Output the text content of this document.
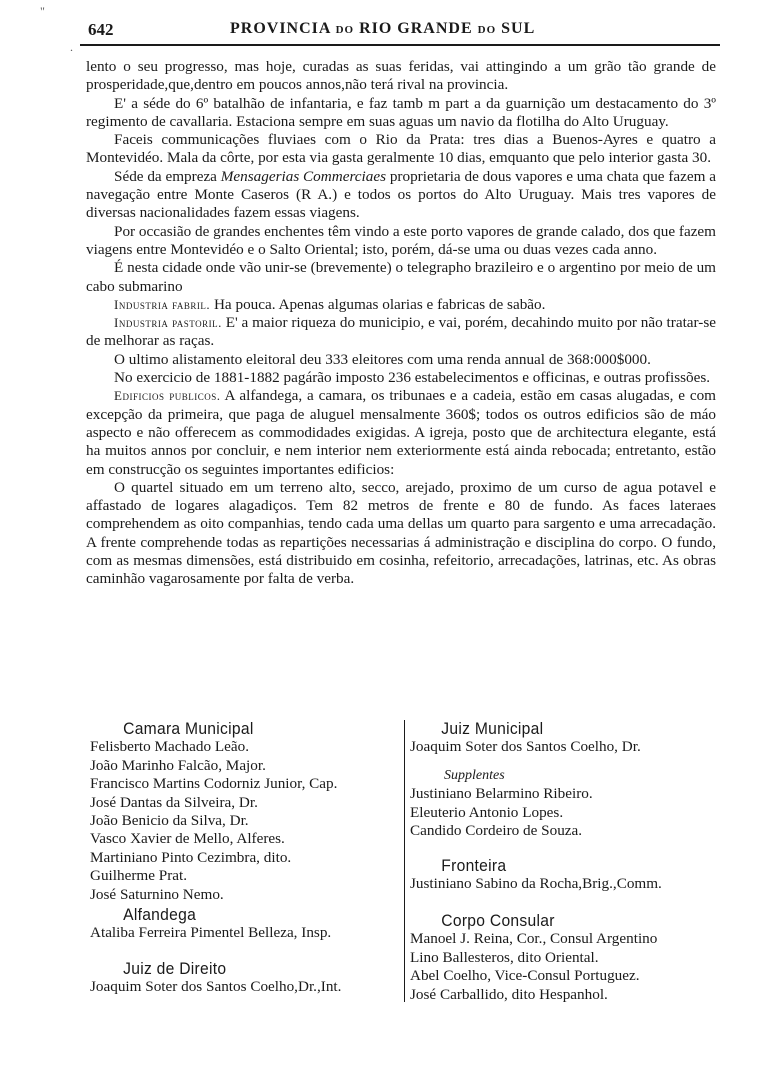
"
.
642	PROVINCIA do RIO GRANDE do SUL

lento o seu progresso, mas hoje, curadas as suas feridas, vai attingindo a um grão tão grande de prosperidade,que,dentro em poucos annos,não terá rival na provincia.

E' a séde do 6º batalhão de infantaria, e faz tamb m part a da guarnição um destacamento do 3º regimento de cavallaria. Estaciona sempre em suas aguas um navio da flotilha do Alto Uruguay.

Faceis communicações fluviaes com o Rio da Prata: tres dias a Buenos-Ayres e quatro a Montevidéo. Mala da côrte, por esta via gasta geralmente 10 dias, emquanto que pelo interior gasta 30.

Séde da empreza Mensagerias Commerciaes proprietaria de dous vapores e uma chata que fazem a navegação entre Monte Caseros (R A.) e todos os portos do Alto Uruguay. Mais tres vapores de diversas nacionalidades fazem essas viagens.

Por occasião de grandes enchentes têm vindo a este porto vapores de grande calado, dos que fazem viagens entre Montevidéo e o Salto Oriental; isto, porém, dá-se uma ou duas vezes cada anno.

É nesta cidade onde vão unir-se (brevemente) o telegrapho brazileiro e o argentino por meio de um cabo submarino

Industria fabril. Ha pouca. Apenas algumas olarias e fabricas de sabão.

Industria pastoril. E' a maior riqueza do municipio, e vai, porém, decahindo muito por não tratar-se de melhorar as raças.

O ultimo alistamento eleitoral deu 333 eleitores com uma renda annual de 368:000$000.

No exercicio de 1881-1882 pagárão imposto 236 estabelecimentos e officinas, e outras profissões.

Edificios publicos. A alfandega, a camara, os tribunaes e a cadeia, estão em casas alugadas, e com excepção da primeira, que paga de aluguel mensalmente 360$; todos os outros edificios são de máo aspecto e não offerecem as commodidades exigidas. A igreja, posto que de architectura elegante, está ha muitos annos por concluir, e nem interior nem exteriormente está ainda rebocada; entretanto, estão em construcção os seguintes importantes edificios:

O quartel situado em um terreno alto, secco, arejado, proximo de um curso de agua potavel e affastado de logares alagadiços. Tem 82 metros de frente e 80 de fundo. As faces lateraes comprehendem as oito companhias, tendo cada uma dellas um quarto para sargento e uma arrecadação. A frente comprehende todas as repartições necessarias á administração e disciplina do corpo. O fundo, com as mesmas dimensões, está distribuido em cosinha, refeitorio, arrecadações, latrinas, etc. As obras caminhão vagarosamente por falta de verba.

Camara Municipal
Felisberto Machado Leão.
João Marinho Falcão, Major.
Francisco Martins Codorniz Junior, Cap.
José Dantas da Silveira, Dr.
João Benicio da Silva, Dr.
Vasco Xavier de Mello, Alferes.
Martiniano Pinto Cezimbra, dito.
Guilherme Prat.
José Saturnino Nemo.
Alfandega
Ataliba Ferreira Pimentel Belleza, Insp.
Juiz de Direito
Joaquim Soter dos Santos Coelho,Dr.,Int.
Juiz Municipal
Joaquim Soter dos Santos Coelho, Dr.
Supplentes
Justiniano Belarmino Ribeiro.
Eleuterio Antonio Lopes.
Candido Cordeiro de Souza.
Fronteira
Justiniano Sabino da Rocha,Brig.,Comm.
Corpo Consular
Manoel J. Reina, Cor., Consul Argentino
Lino Ballesteros, dito Oriental.
Abel Coelho, Vice-Consul Portuguez.
José Carballido, dito Hespanhol.
